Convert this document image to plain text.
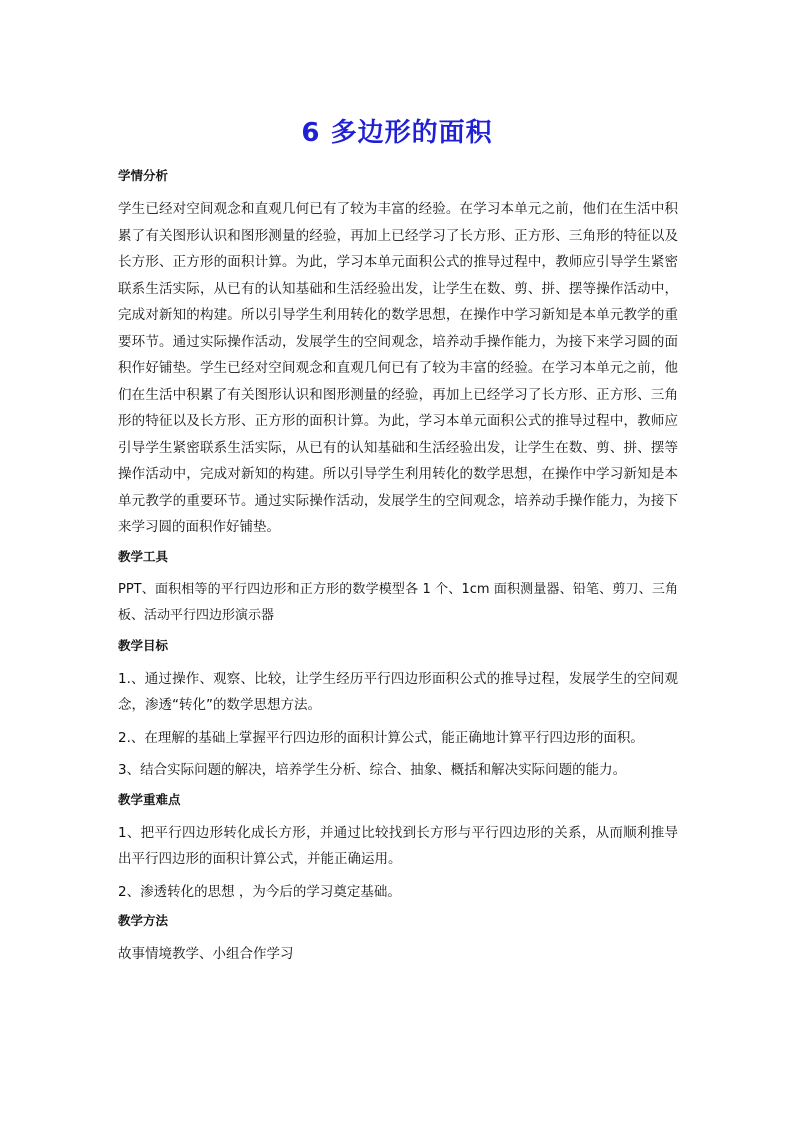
6 多边形的面积
学情分析
学生已经对空间观念和直观几何已有了较为丰富的经验。在学习本单元之前，他们在生活中积累了有关图形认识和图形测量的经验，再加上已经学习了长方形、正方形、三角形的特征以及长方形、正方形的面积计算。为此，学习本单元面积公式的推导过程中，教师应引导学生紧密联系生活实际，从已有的认知基础和生活经验出发，让学生在数、剪、拼、摆等操作活动中，完成对新知的构建。所以引导学生利用转化的数学思想，在操作中学习新知是本单元教学的重要环节。通过实际操作活动，发展学生的空间观念，培养动手操作能力，为接下来学习圆的面积作好铺垫。学生已经对空间观念和直观几何已有了较为丰富的经验。在学习本单元之前，他们在生活中积累了有关图形认识和图形测量的经验，再加上已经学习了长方形、正方形、三角形的特征以及长方形、正方形的面积计算。为此，学习本单元面积公式的推导过程中，教师应引导学生紧密联系生活实际，从已有的认知基础和生活经验出发，让学生在数、剪、拼、摆等操作活动中，完成对新知的构建。所以引导学生利用转化的数学思想，在操作中学习新知是本单元教学的重要环节。通过实际操作活动，发展学生的空间观念，培养动手操作能力，为接下来学习圆的面积作好铺垫。
教学工具
PPT、面积相等的平行四边形和正方形的数学模型各 1 个、1cm 面积测量器、铅笔、剪刀、三角板、活动平行四边形演示器
教学目标
1.、通过操作、观察、比较，让学生经历平行四边形面积公式的推导过程，发展学生的空间观念，渗透“转化”的数学思想方法。
2.、在理解的基础上掌握平行四边形的面积计算公式，能正确地计算平行四边形的面积。
3、结合实际问题的解决，培养学生分析、综合、抽象、概括和解决实际问题的能力。
教学重难点
1、把平行四边形转化成长方形，并通过比较找到长方形与平行四边形的关系，从而顺利推导出平行四边形的面积计算公式，并能正确运用。
2、渗透转化的思想 ，为今后的学习奠定基础。
教学方法
故事情境教学、小组合作学习
